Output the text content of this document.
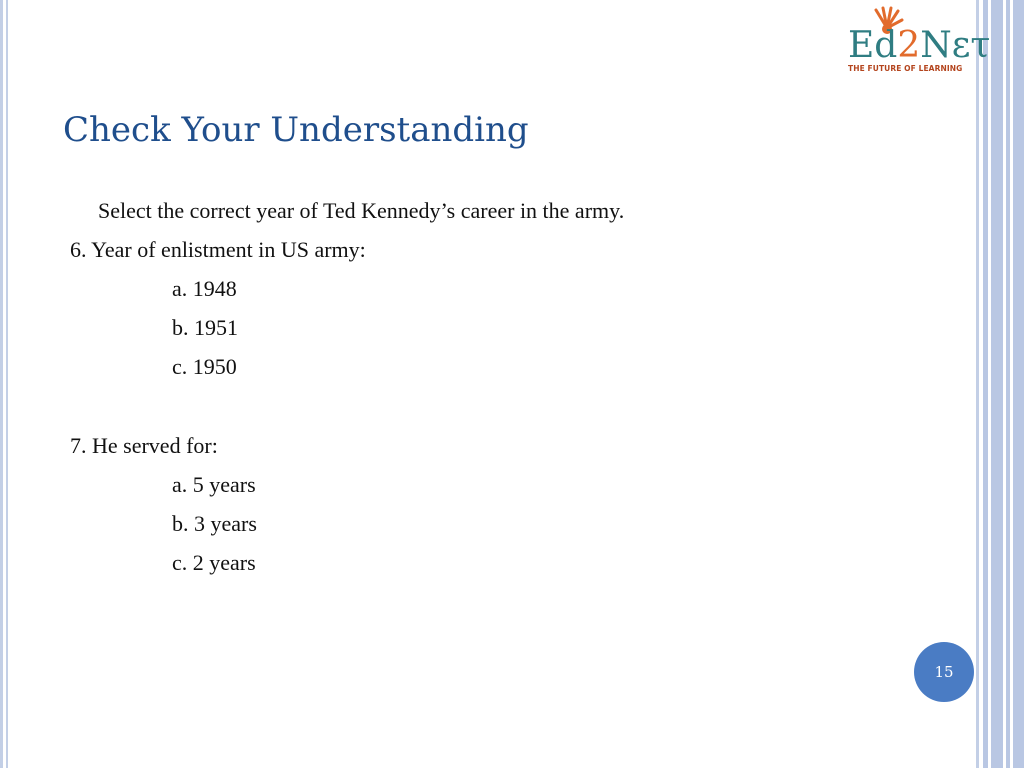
Ed2Νετ
THE FUTURE OF LEARNING
Check Your Understanding
Select the correct year of Ted Kennedy’s career in the army.
6. Year of enlistment in US army:
a. 1948
b. 1951
c. 1950
7. He served for:
a. 5 years
b. 3 years
c. 2 years
15
